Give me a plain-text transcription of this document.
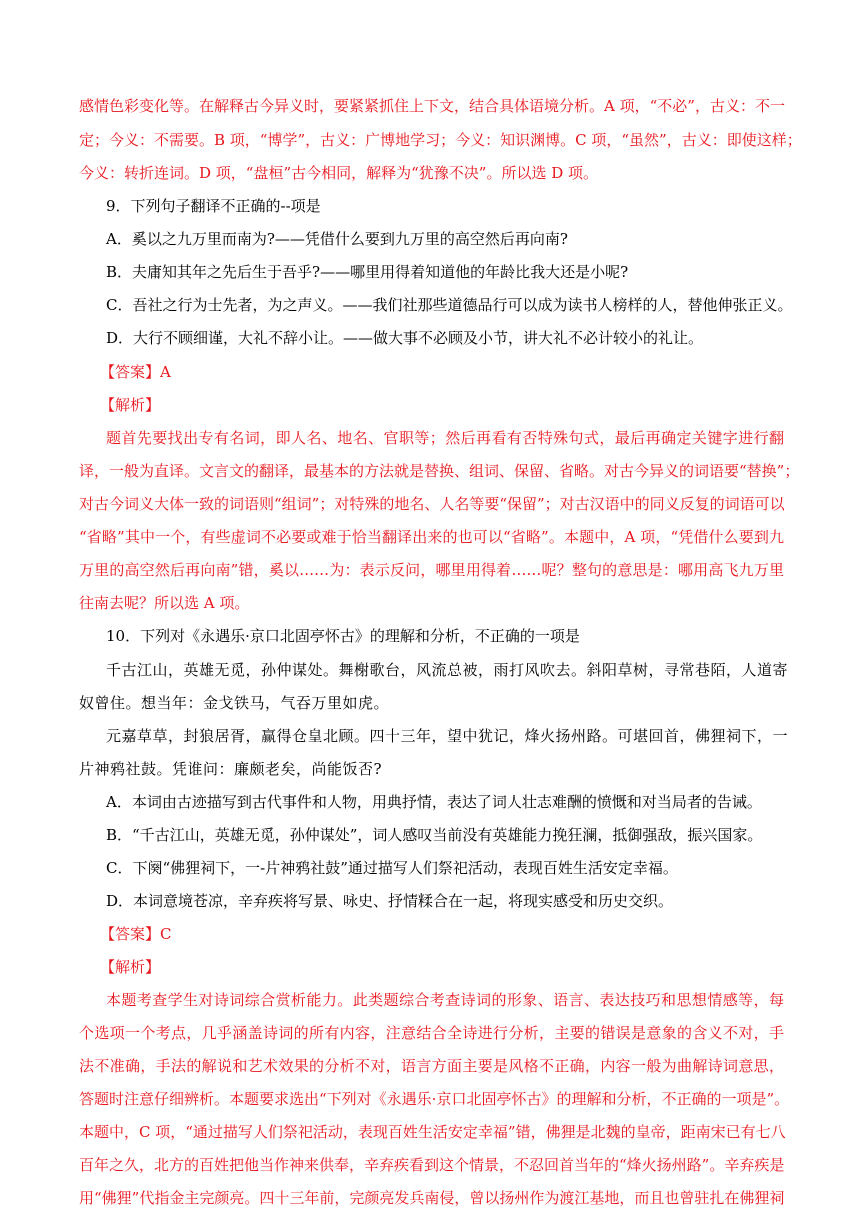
感情色彩变化等。在解释古今异义时，要紧紧抓住上下文，结合具体语境分析。A 项，“不必”，古义：不一
定；今义：不需要。B 项，“博学”，古义：广博地学习；今义：知识渊博。C 项，“虽然”，古义：即使这样；
今义：转折连词。D 项，“盘桓”古今相同，解释为“犹豫不决”。所以选 D 项。
9．下列句子翻译不正确的--项是
A．奚以之九万里而南为?——凭借什么要到九万里的高空然后再向南?
B．夫庸知其年之先后生于吾乎?——哪里用得着知道他的年龄比我大还是小呢?
C．吾社之行为士先者，为之声义。——我们社那些道德品行可以成为读书人榜样的人，替他伸张正义。
D．大行不顾细谨，大礼不辞小让。——做大事不必顾及小节，讲大礼不必计较小的礼让。
【答案】A
【解析】
题首先要找出专有名词，即人名、地名、官职等；然后再看有否特殊句式，最后再确定关键字进行翻
译，一般为直译。文言文的翻译，最基本的方法就是替换、组词、保留、省略。对古今异义的词语要“替换”；
对古今词义大体一致的词语则“组词”；对特殊的地名、人名等要“保留”；对古汉语中的同义反复的词语可以
“省略”其中一个，有些虚词不必要或难于恰当翻译出来的也可以“省略”。本题中，A 项，“凭借什么要到九
万里的高空然后再向南”错，奚以……为：表示反问，哪里用得着……呢？整句的意思是：哪用高飞九万里
往南去呢？所以选 A 项。
10．下列对《永遇乐·京口北固亭怀古》的理解和分析，不正确的一项是
千古江山，英雄无觅，孙仲谋处。舞榭歌台，风流总被，雨打风吹去。斜阳草树，寻常巷陌，人道寄
奴曾住。想当年：金戈铁马，气吞万里如虎。
元嘉草草，封狼居胥，赢得仓皇北顾。四十三年，望中犹记，烽火扬州路。可堪回首，佛狸祠下，一
片神鸦社鼓。凭谁问：廉颇老矣，尚能饭否?
A．本词由古迹描写到古代事件和人物，用典抒情，表达了词人壮志难酬的愤慨和对当局者的告诫。
B．“千古江山，英雄无觅，孙仲谋处”，词人感叹当前没有英雄能力挽狂澜，抵御强敌，振兴国家。
C．下阕“佛狸祠下，一-片神鸦社鼓”通过描写人们祭祀活动，表现百姓生活安定幸福。
D．本词意境苍凉，辛弃疾将写景、咏史、抒情糅合在一起，将现实感受和历史交织。
【答案】C
【解析】
本题考查学生对诗词综合赏析能力。此类题综合考查诗词的形象、语言、表达技巧和思想情感等，每
个选项一个考点，几乎涵盖诗词的所有内容，注意结合全诗进行分析，主要的错误是意象的含义不对，手
法不准确，手法的解说和艺术效果的分析不对，语言方面主要是风格不正确，内容一般为曲解诗词意思，
答题时注意仔细辨析。本题要求选出“下列对《永遇乐·京口北固亭怀古》的理解和分析，不正确的一项是”。
本题中，C 项，“通过描写人们祭祀活动，表现百姓生活安定幸福”错，佛狸是北魏的皇帝，距南宋已有七八
百年之久，北方的百姓把他当作神来供奉，辛弃疾看到这个情景，不忍回首当年的“烽火扬州路”。辛弃疾是
用“佛狸”代指金主完颜亮。四十三年前，完颜亮发兵南侵，曾以扬州作为渡江基地，而且也曾驻扎在佛狸祠
